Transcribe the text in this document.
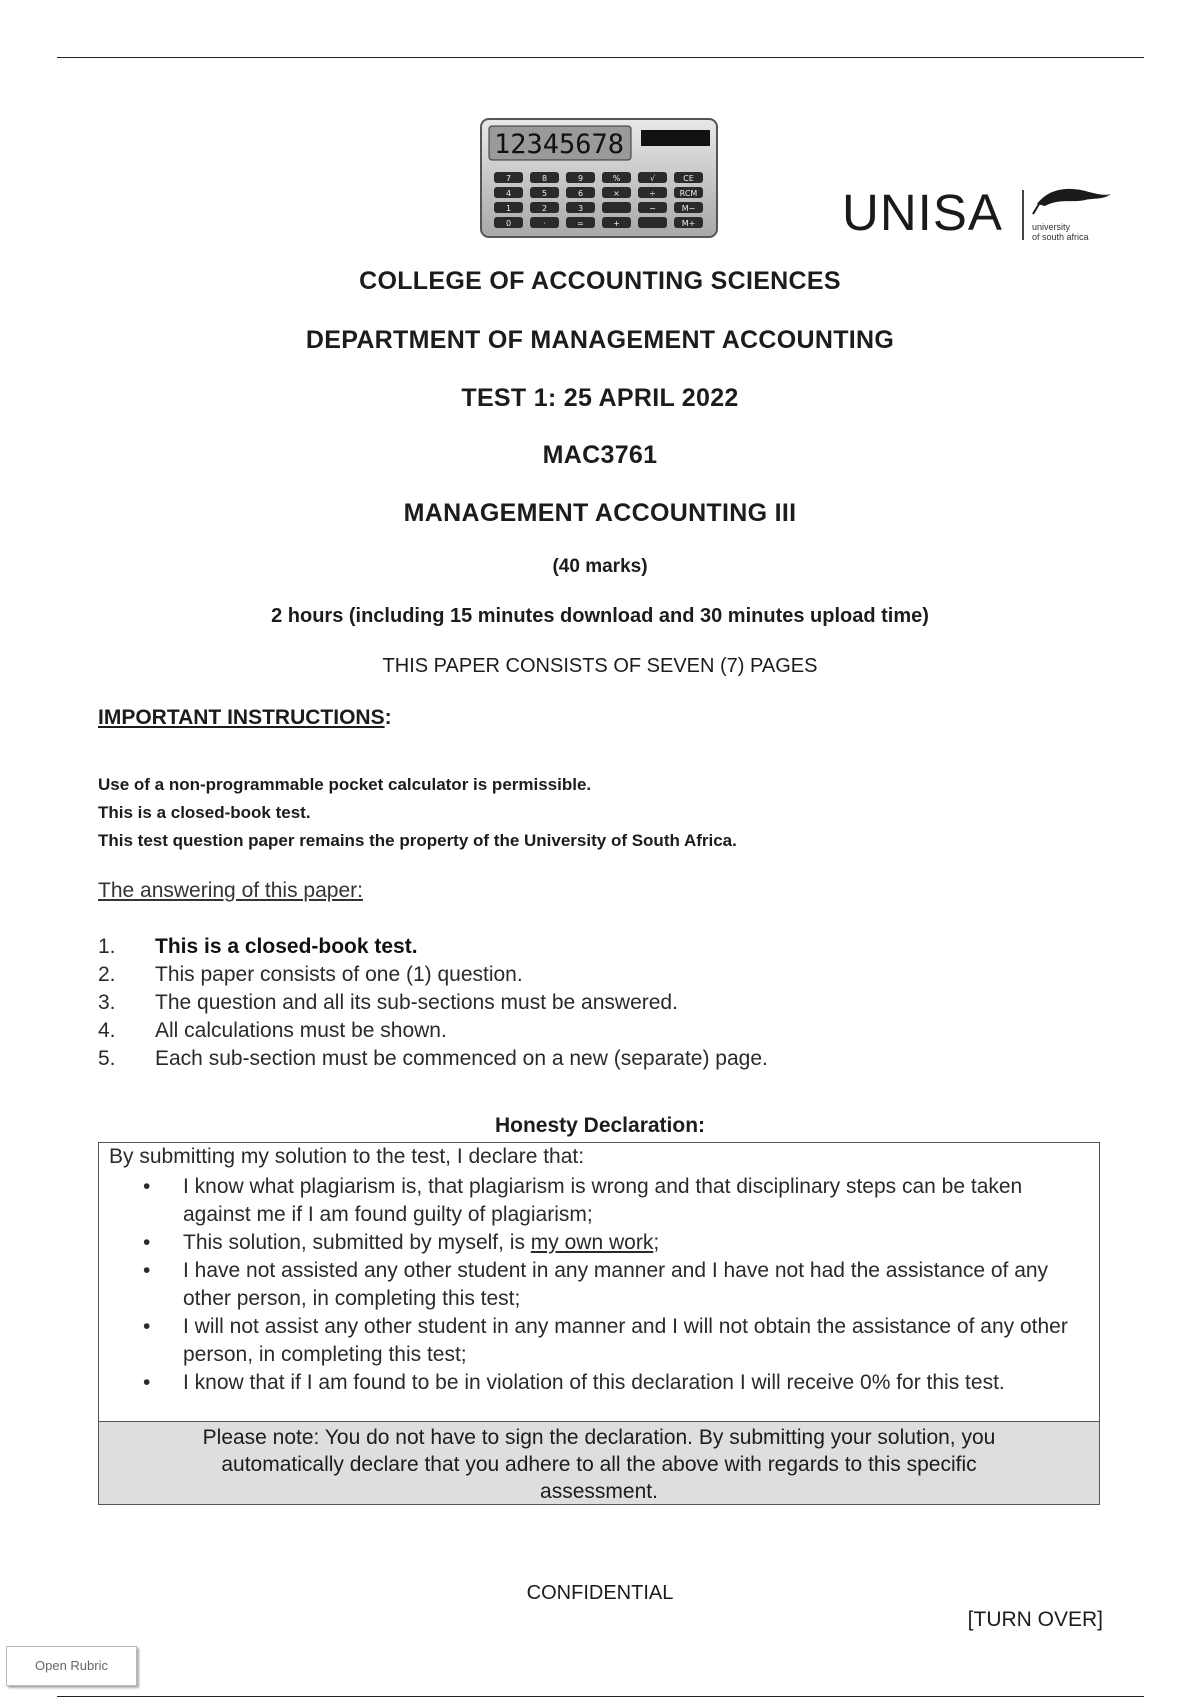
12345678
7	8	9	%	√	CE
4	5	6	×	÷	RCM
1	2	3	−	M−
0	·	=	+	M+	UNISA	university
of south africa
COLLEGE OF ACCOUNTING SCIENCES
DEPARTMENT OF MANAGEMENT ACCOUNTING
TEST 1: 25 APRIL 2022
MAC3761
MANAGEMENT ACCOUNTING III
(40 marks)
2 hours (including 15 minutes download and 30 minutes upload time)
THIS PAPER CONSISTS OF SEVEN (7) PAGES
IMPORTANT INSTRUCTIONS:
Use of a non-programmable pocket calculator is permissible.
This is a closed-book test.
This test question paper remains the property of the University of South Africa.
The answering of this paper:
1.	This is a closed-book test.
2.	This paper consists of one (1) question.
3.	The question and all its sub-sections must be answered.
4.	All calculations must be shown.
5.	Each sub-section must be commenced on a new (separate) page.
Honesty Declaration:
By submitting my solution to the test, I declare that:
•	I know what plagiarism is, that plagiarism is wrong and that disciplinary steps can be taken against me if I am found guilty of plagiarism;
•	This solution, submitted by myself, is my own work;
•	I have not assisted any other student in any manner and I have not had the assistance of any other person, in completing this test;
•	I will not assist any other student in any manner and I will not obtain the assistance of any other person, in completing this test;
•	I know that if I am found to be in violation of this declaration I will receive 0% for this test.
Please note: You do not have to sign the declaration. By submitting your solution, you
automatically declare that you adhere to all the above with regards to this specific
assessment.
CONFIDENTIAL
[TURN OVER]
Open Rubric
